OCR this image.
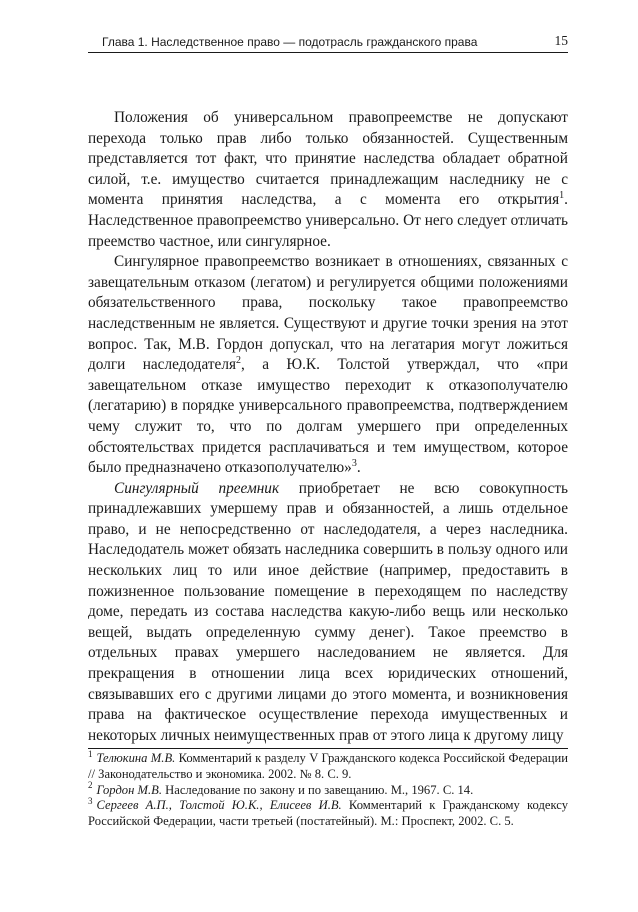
Глава 1. Наследственное право — подотрасль гражданского права	15

Положения об универсальном правопреемстве не допускают перехода только прав либо только обязанностей. Существенным представляется тот факт, что принятие наследства обладает обратной силой, т.е. имущество считается принадлежащим наследнику не с момента принятия наследства, а с момента его открытия$^1$. Наследственное правопреемство универсально. От него следует отличать преемство частное, или сингулярное.

Сингулярное правопреемство возникает в отношениях, связанных с завещательным отказом (легатом) и регулируется общими положениями обязательственного права, поскольку такое правопреемство наследственным не является. Существуют и другие точки зрения на этот вопрос. Так, М.В. Гордон допускал, что на легатария могут ложиться долги наследодателя$^2$, а Ю.К. Толстой утверждал, что «при завещательном отказе имущество переходит к отказополучателю (легатарию) в порядке универсального правопреемства, подтверждением чему служит то, что по долгам умершего при определенных обстоятельствах придется расплачиваться и тем имуществом, которое было предназначено отказополучателю»$^3$.

Сингулярный преемник приобретает не всю совокупность принадлежавших умершему прав и обязанностей, а лишь отдельное право, и не непосредственно от наследодателя, а через наследника. Наследодатель может обязать наследника совершить в пользу одного или нескольких лиц то или иное действие (например, предоставить в пожизненное пользование помещение в переходящем по наследству доме, передать из состава наследства какую-либо вещь или несколько вещей, выдать определенную сумму денег). Такое преемство в отдельных правах умершего наследованием не является. Для прекращения в отношении лица всех юридических отношений, связывавших его с другими лицами до этого момента, и возникновения права на фактическое осуществление перехода имущественных и некоторых личных неимущественных прав от этого лица к другому лицу

$^1$ Телюкина М.В. Комментарий к разделу V Гражданского кодекса Российской Федерации // Законодательство и экономика. 2002. № 8. С. 9.

$^2$ Гордон М.В. Наследование по закону и по завещанию. М., 1967. С. 14.

$^3$ Сергеев А.П., Толстой Ю.К., Елисеев И.В. Комментарий к Гражданскому кодексу Российской Федерации, части третьей (постатейный). М.: Проспект, 2002. С. 5.
